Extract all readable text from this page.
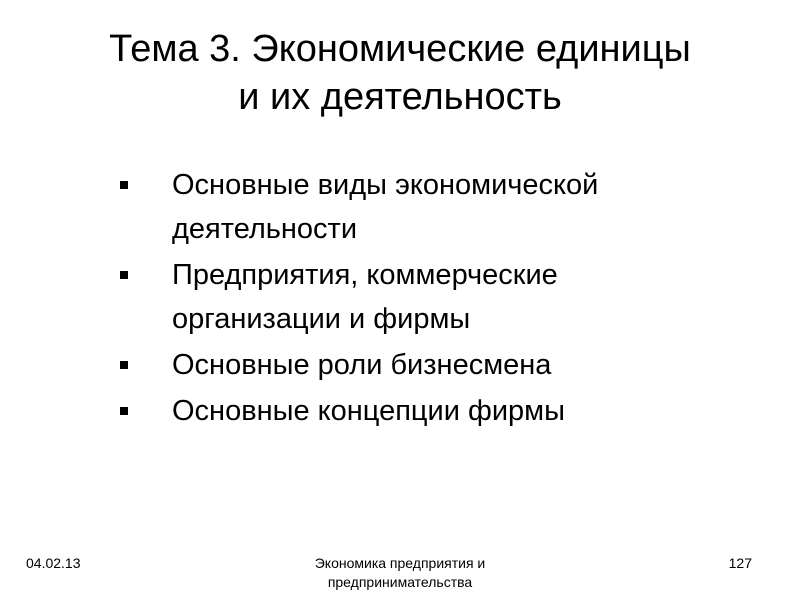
Тема 3. Экономические единицы
и их деятельность
Основные виды экономической
деятельности
Предприятия, коммерческие
организации и фирмы
Основные роли бизнесмена
Основные концепции фирмы
04.02.13	Экономика предприятия и
предпринимательства
127
